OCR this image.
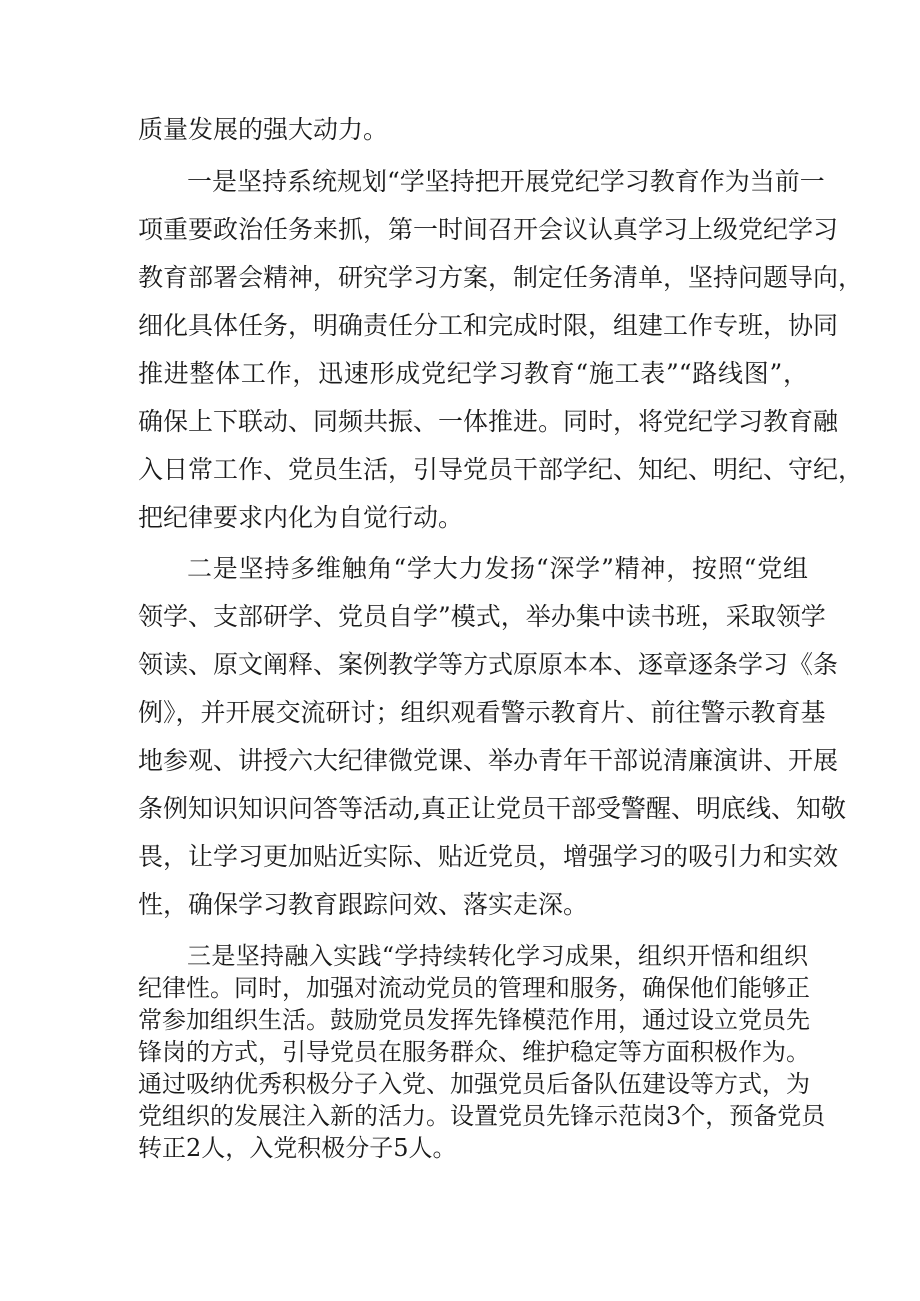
质量发展的强大动力。

一是坚持系统规划“学坚持把开展党纪学习教育作为当前一

项重要政治任务来抓，第一时间召开会议认真学习上级党纪学习

教育部署会精神，研究学习方案，制定任务清单，坚持问题导向，

细化具体任务，明确责任分工和完成时限，组建工作专班，协同

推进整体工作，迅速形成党纪学习教育“施工表”“路线图”，

确保上下联动、同频共振、一体推进。同时，将党纪学习教育融

入日常工作、党员生活，引导党员干部学纪、知纪、明纪、守纪，

把纪律要求内化为自觉行动。

二是坚持多维触角“学大力发扬“深学”精神，按照“党组

领学、支部研学、党员自学”模式，举办集中读书班，采取领学

领读、原文阐释、案例教学等方式原原本本、逐章逐条学习《条

例》，并开展交流研讨；组织观看警示教育片、前往警示教育基

地参观、讲授六大纪律微党课、举办青年干部说清廉演讲、开展

条例知识知识问答等活动,真正让党员干部受警醒、明底线、知敬

畏，让学习更加贴近实际、贴近党员，增强学习的吸引力和实效

性，确保学习教育跟踪问效、落实走深。

三是坚持融入实践“学持续转化学习成果，组织开悟和组织

纪律性。同时，加强对流动党员的管理和服务，确保他们能够正

常参加组织生活。鼓励党员发挥先锋模范作用，通过设立党员先

锋岗的方式，引导党员在服务群众、维护稳定等方面积极作为。

通过吸纳优秀积极分子入党、加强党员后备队伍建设等方式，为

党组织的发展注入新的活力。设置党员先锋示范岗3个，预备党员

转正2人，入党积极分子5人。
